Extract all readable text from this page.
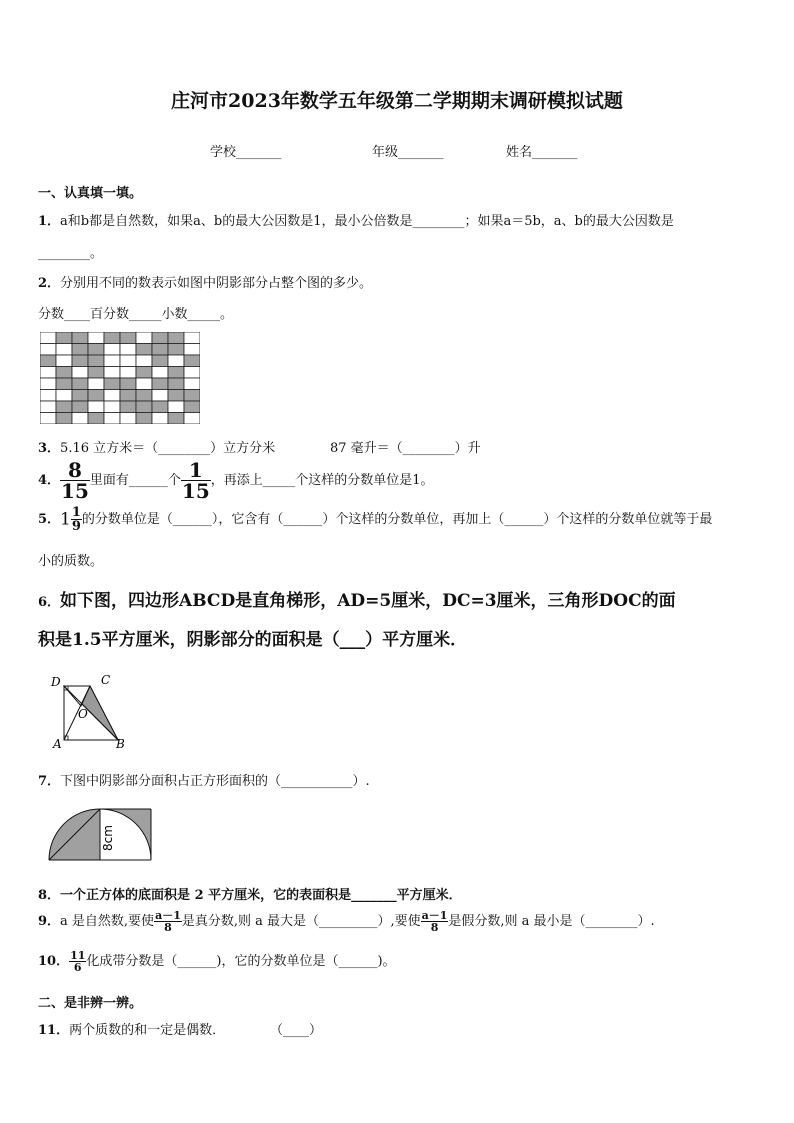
庄河市2023年数学五年级第二学期期末调研模拟试题
学校_______	年级_______	姓名_______
一、认真填一填。
1．a和b都是自然数，如果a、b的最大公因数是1，最小公倍数是________；如果a＝5b，a、b的最大公因数是
________。
2．分别用不同的数表示如图中阴影部分占整个图的多少。
分数____百分数_____小数_____。
3．5.16 立方米＝（________）立方分米	87 毫升＝（________）升
4． $\frac{8}{15}$ 里面有______个 $\frac{1}{15}$ ，再添上_____个这样的分数单位是1。
5．$1 \frac{1}{9}$ 的分数单位是（______），它含有（______）个这样的分数单位，再加上（______）个这样的分数单位就等于最
小的质数。
6．如下图，四边形ABCD是直角梯形，AD=5厘米，DC=3厘米，三角形DOC的面
积是1.5平方厘米，阴影部分的面积是（___）平方厘米．
D	C
O
A	B
7．下图中阴影部分面积占正方形面积的（___________）.
8cm
8．一个正方体的底面积是 2 平方厘米，它的表面积是_______平方厘米．
9．a 是自然数,要使 $\frac{a-1}{8}$ 是真分数,则 a 最大是（_________）,要使 $\frac{a-1}{8}$ 是假分数,则 a 最小是（________）.
10． $\frac{11}{6}$ 化成带分数是（______)，它的分数单位是（______)。
二、是非辨一辨。
11．两个质数的和一定是偶数．	（____）
